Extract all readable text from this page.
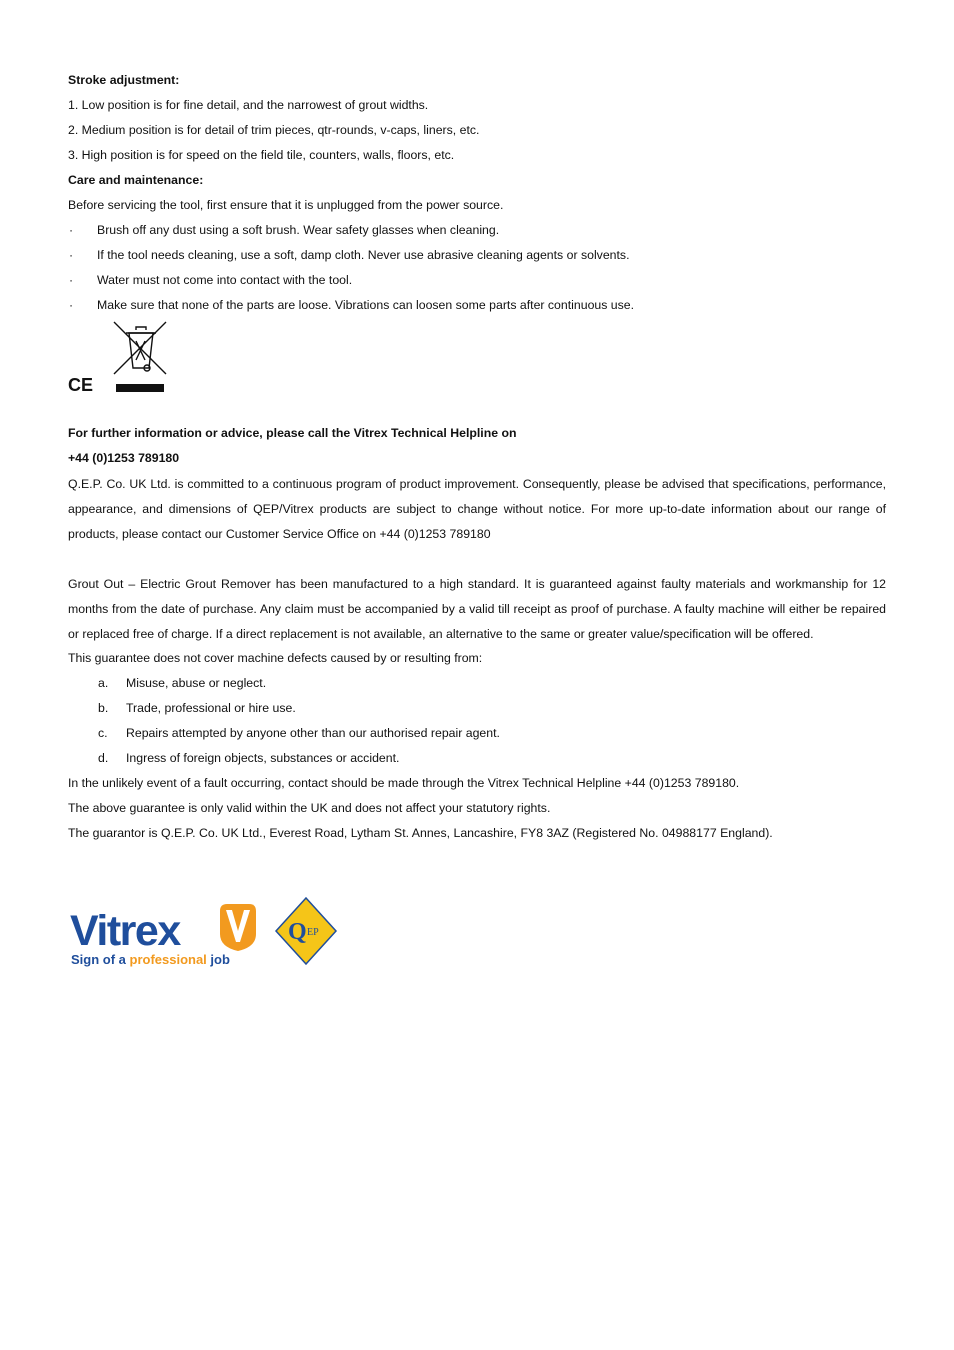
Stroke adjustment:
1. Low position is for fine detail, and the narrowest of grout widths.
2. Medium position is for detail of trim pieces, qtr-rounds, v-caps, liners, etc.
3. High position is for speed on the field tile, counters, walls, floors, etc.
Care and maintenance:
Before servicing the tool, first ensure that it is unplugged from the power source.
· Brush off any dust using a soft brush. Wear safety glasses when cleaning.
· If the tool needs cleaning, use a soft, damp cloth. Never use abrasive cleaning agents or solvents.
· Water must not come into contact with the tool.
· Make sure that none of the parts are loose. Vibrations can loosen some parts after continuous use.
CE
For further information or advice, please call the Vitrex Technical Helpline on
+44 (0)1253 789180
Q.E.P. Co. UK Ltd. is committed to a continuous program of product improvement. Consequently, please be advised that specifications, performance, appearance, and dimensions of QEP/Vitrex products are subject to change without notice. For more up-to-date information about our range of products, please contact our Customer Service Office on +44 (0)1253 789180
Grout Out – Electric Grout Remover has been manufactured to a high standard. It is guaranteed against faulty materials and workmanship for 12 months from the date of purchase. Any claim must be accompanied by a valid till receipt as proof of purchase. A faulty machine will either be repaired or replaced free of charge. If a direct replacement is not available, an alternative to the same or greater value/specification will be offered.
This guarantee does not cover machine defects caused by or resulting from:
a. Misuse, abuse or neglect.
b. Trade, professional or hire use.
c. Repairs attempted by anyone other than our authorised repair agent.
d. Ingress of foreign objects, substances or accident.
In the unlikely event of a fault occurring, contact should be made through the Vitrex Technical Helpline +44 (0)1253 789180.
The above guarantee is only valid within the UK and does not affect your statutory rights.
The guarantor is Q.E.P. Co. UK Ltd., Everest Road, Lytham St. Annes, Lancashire, FY8 3AZ (Registered No. 04988177 England).
Vitrex
Sign of a professional job
Q EP
